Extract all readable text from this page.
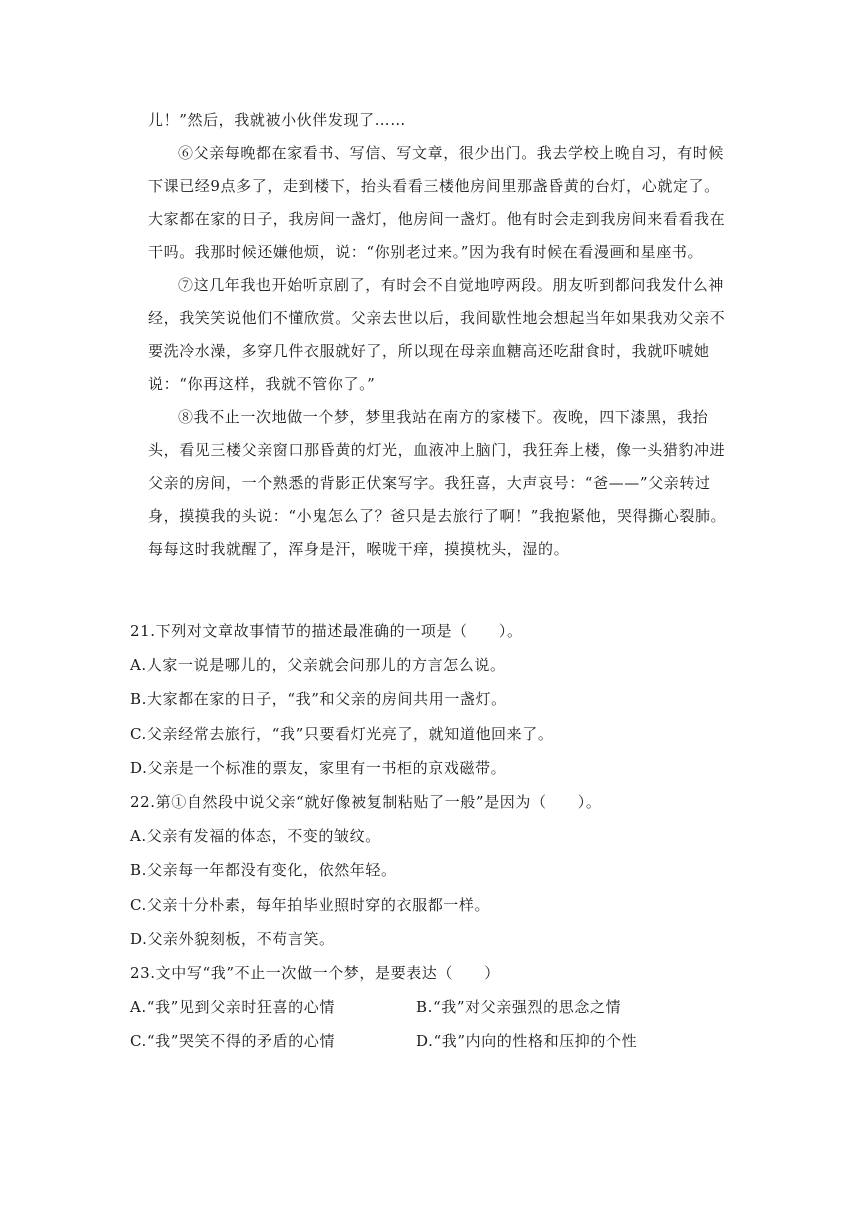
儿！”然后，我就被小伙伴发现了……

⑥父亲每晚都在家看书、写信、写文章，很少出门。我去学校上晚自习，有时候下课已经9点多了，走到楼下，抬头看看三楼他房间里那盏昏黄的台灯，心就定了。大家都在家的日子，我房间一盏灯，他房间一盏灯。他有时会走到我房间来看看我在干吗。我那时候还嫌他烦，说：“你别老过来。”因为我有时候在看漫画和星座书。

⑦这几年我也开始听京剧了，有时会不自觉地哼两段。朋友听到都问我发什么神经，我笑笑说他们不懂欣赏。父亲去世以后，我间歇性地会想起当年如果我劝父亲不要洗冷水澡，多穿几件衣服就好了，所以现在母亲血糖高还吃甜食时，我就吓唬她说：“你再这样，我就不管你了。”

⑧我不止一次地做一个梦，梦里我站在南方的家楼下。夜晚，四下漆黑，我抬头，看见三楼父亲窗口那昏黄的灯光，血液冲上脑门，我狂奔上楼，像一头猎豹冲进父亲的房间，一个熟悉的背影正伏案写字。我狂喜，大声哀号：“爸——”父亲转过身，摸摸我的头说：“小鬼怎么了？爸只是去旅行了啊！”我抱紧他，哭得撕心裂肺。每每这时我就醒了，浑身是汗，喉咙干痒，摸摸枕头，湿的。

21.下列对文章故事情节的描述最准确的一项是（　　）。

A.人家一说是哪儿的，父亲就会问那儿的方言怎么说。

B.大家都在家的日子，“我”和父亲的房间共用一盏灯。

C.父亲经常去旅行，“我”只要看灯光亮了，就知道他回来了。

D.父亲是一个标准的票友，家里有一书柜的京戏磁带。

22.第①自然段中说父亲“就好像被复制粘贴了一般”是因为（　　）。

A.父亲有发福的体态，不变的皱纹。

B.父亲每一年都没有变化，依然年轻。

C.父亲十分朴素，每年拍毕业照时穿的衣服都一样。

D.父亲外貌刻板，不苟言笑。

23.文中写“我”不止一次做一个梦，是要表达（　　）

A.“我”见到父亲时狂喜的心情	B.“我”对父亲强烈的思念之情
C.“我”哭笑不得的矛盾的心情	D.“我”内向的性格和压抑的个性
